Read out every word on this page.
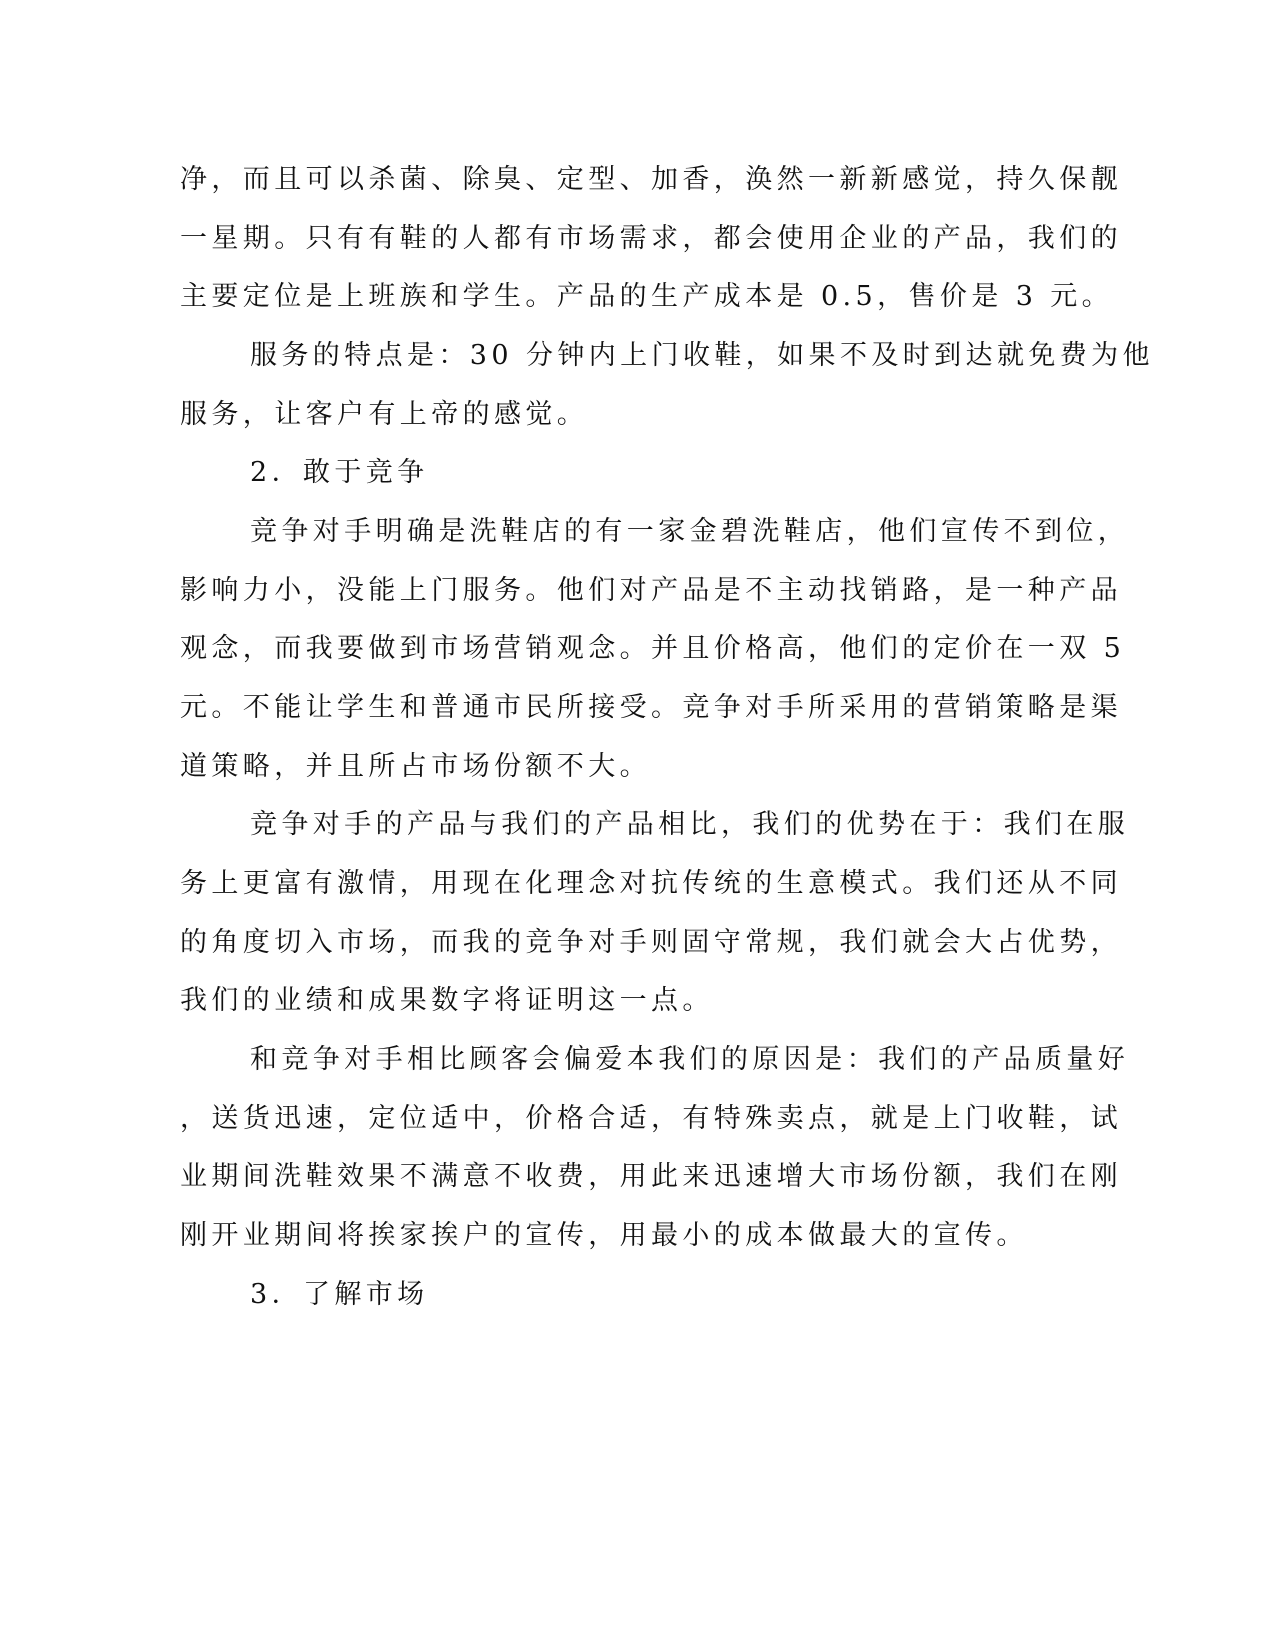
净，而且可以杀菌、除臭、定型、加香，涣然一新新感觉，持久保靓
一星期。只有有鞋的人都有市场需求，都会使用企业的产品，我们的
主要定位是上班族和学生。产品的生产成本是 0.5，售价是 3 元。
服务的特点是：30 分钟内上门收鞋，如果不及时到达就免费为他
服务，让客户有上帝的感觉。
2．敢于竞争
竞争对手明确是洗鞋店的有一家金碧洗鞋店，他们宣传不到位，
影响力小，没能上门服务。他们对产品是不主动找销路，是一种产品
观念，而我要做到市场营销观念。并且价格高，他们的定价在一双 5
元。不能让学生和普通市民所接受。竞争对手所采用的营销策略是渠
道策略，并且所占市场份额不大。
竞争对手的产品与我们的产品相比，我们的优势在于：我们在服
务上更富有激情，用现在化理念对抗传统的生意模式。我们还从不同
的角度切入市场，而我的竞争对手则固守常规，我们就会大占优势，
我们的业绩和成果数字将证明这一点。
和竞争对手相比顾客会偏爱本我们的原因是：我们的产品质量好
，送货迅速，定位适中，价格合适，有特殊卖点，就是上门收鞋，试
业期间洗鞋效果不满意不收费，用此来迅速增大市场份额，我们在刚
刚开业期间将挨家挨户的宣传，用最小的成本做最大的宣传。
3．了解市场
